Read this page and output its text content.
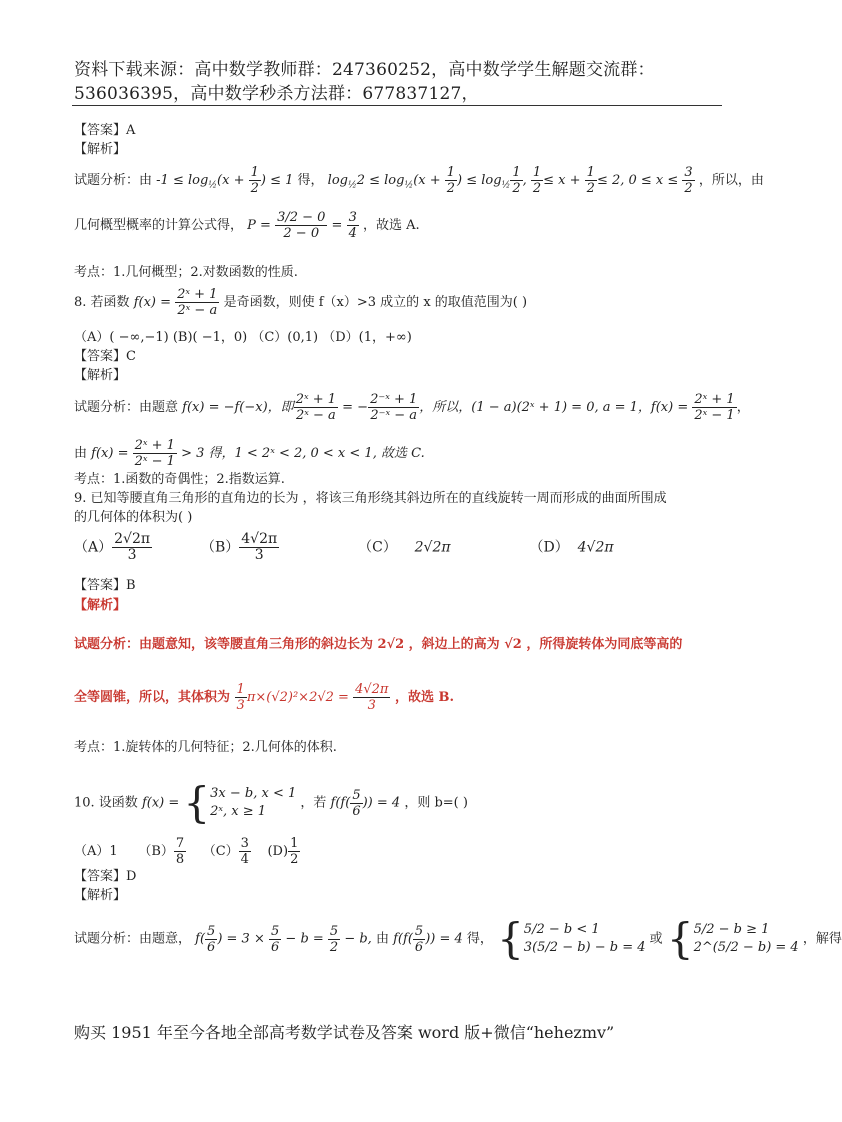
资料下载来源：高中数学教师群：247360252，高中数学学生解题交流群：
536036395，高中数学秒杀方法群：677837127，
【答案】A
【解析】
试题分析：由 $-1 \le \log_{\frac{1}{2}}(x + \frac{1}{2}$ ) ≤ 1 得， $\log_{\frac{1}{2}}2 \le \log_{\frac{1}{2}}(x + \frac{1}{2}$ ) ≤ $\log_{\frac{1}{2}} \frac{1}{2}$ , $\frac{1}{2} \le x + \frac{1}{2} \le 2$, $0 \le x \le \frac{3}{2}$ ，所以，由
几何概型概率的计算公式得， $P = \frac{3/2 - 0}{2 - 0} = \frac{3}{4}$ ，故选 A.
考点：1.几何概型；2.对数函数的性质.
8. 若函数 $f(x) = \frac{\text{2ˣ + 1}}{\text{2ˣ − a}}$ 是奇函数，则使 f（x）>3 成立的 x 的取值范围为( )
（A）( −∞,−1) (B)( −1，0) （C）(0,1) （D）(1，+∞)
【答案】C
【解析】
试题分析：由题意 f(x) = −f(−x)，即 $\frac{\text{2ˣ + 1}}{\text{2ˣ − a}}$ = − $\frac{\text{2⁻ˣ + 1}}{\text{2⁻ˣ − a}}$ ，所以，(1 − a)(2ˣ + 1) = 0, a = 1，$f(x) = \frac{\text{2ˣ + 1}}{\text{2ˣ − 1}}$ ，
由 $f(x) = \frac{\text{2ˣ + 1}}{\text{2ˣ − 1}} > 3$ 得，1 < 2ˣ < 2, 0 < x < 1, 故选 C.
考点：1.函数的奇偶性；2.指数运算.
9. 已知等腰直角三角形的直角边的长为 ，将该三角形绕其斜边所在的直线旋转一周而形成的曲面所围成
的几何体的体积为( )
$(A) \frac{2√2\pi}{3}$	$(B) \frac{4√2\pi}{3}$	（C） 2√2π	（D） 4√2π
【答案】B
【解析】
试题分析：由题意知，该等腰直角三角形的斜边长为 2√2 ，斜边上的高为 √2 ，所得旋转体为同底等高的
全等圆锥，所以，其体积为 $\frac{1}{3} \pi\times(√2)^2\times 2√2 = \frac{4√2\pi}{3}$ ，故选 B.
考点：1.旋转体的几何特征；2.几何体的体积.
10. 设函数 f(x) = { 3x − b, x < 1
2ˣ, x ≥ 1
，若 $f(f( \frac{5}{6}$ )) = 4 ，则 b=( )
（A）1 $(B) \frac{7}{8} (C) \frac{3}{4} (D) \frac{1}{2}$
【答案】D
【解析】
试题分析：由题意， $f( \frac{5}{6}$ ) = $3 \times \frac{5}{6} - b = \frac{5}{2} - b$, 由 $f(f( \frac{5}{6}$ )) = 4 得， { 5/2 − b < 1
3(5/2 − b) − b = 4
或 { 5/2 − b ≥ 1
2^(5/2 − b) = 4
，解得
购买 1951 年至今各地全部高考数学试卷及答案 word 版+微信“hehezmv”
